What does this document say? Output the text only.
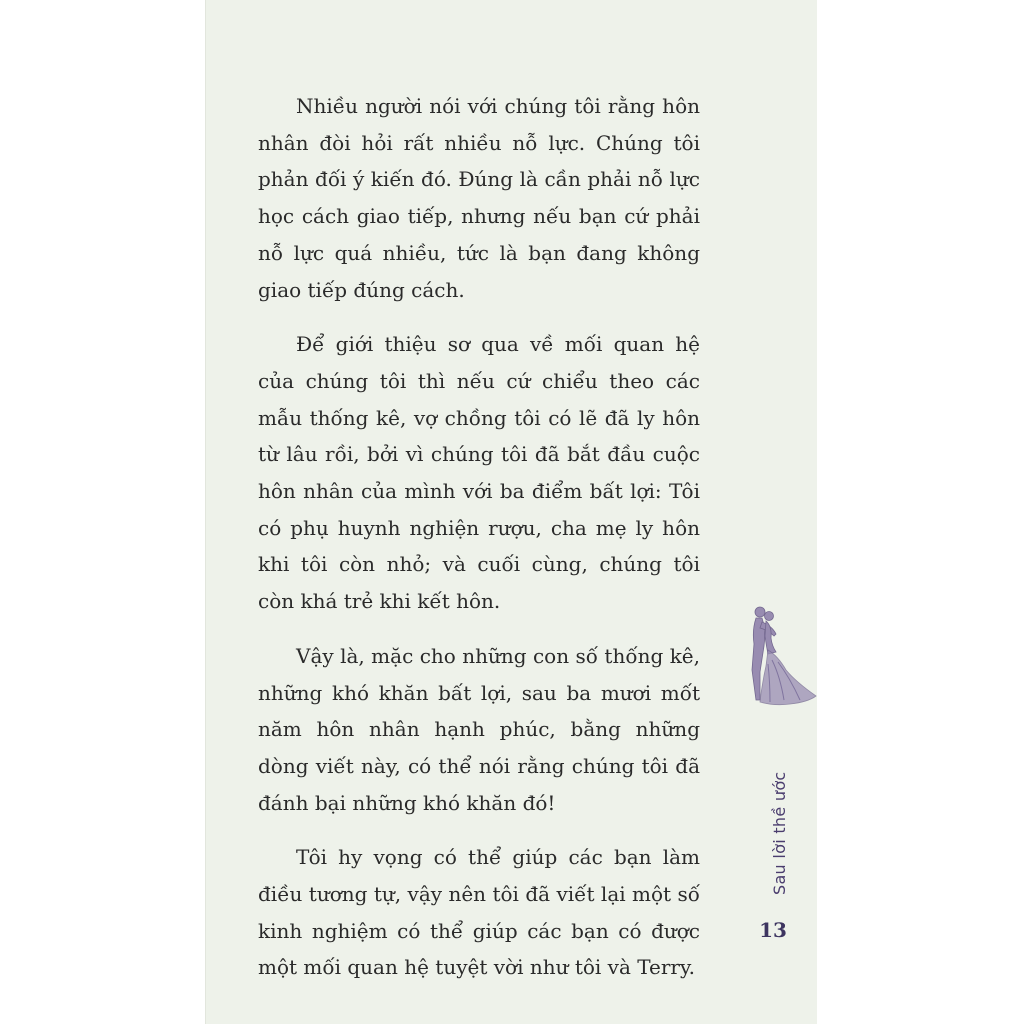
Nhiều người nói với chúng tôi rằng hôn nhân đòi hỏi rất nhiều nỗ lực. Chúng tôi phản đối ý kiến đó. Đúng là cần phải nỗ lực học cách giao tiếp, nhưng nếu bạn cứ phải nỗ lực quá nhiều, tức là bạn đang không giao tiếp đúng cách.

Để giới thiệu sơ qua về mối quan hệ của chúng tôi thì nếu cứ chiểu theo các mẫu thống kê, vợ chồng tôi có lẽ đã ly hôn từ lâu rồi, bởi vì chúng tôi đã bắt đầu cuộc hôn nhân của mình với ba điểm bất lợi: Tôi có phụ huynh nghiện rượu, cha mẹ ly hôn khi tôi còn nhỏ; và cuối cùng, chúng tôi còn khá trẻ khi kết hôn.

Vậy là, mặc cho những con số thống kê, những khó khăn bất lợi, sau ba mươi mốt năm hôn nhân hạnh phúc, bằng những dòng viết này, có thể nói rằng chúng tôi đã đánh bại những khó khăn đó!

Tôi hy vọng có thể giúp các bạn làm điều tương tự, vậy nên tôi đã viết lại một số kinh nghiệm có thể giúp các bạn có được một mối quan hệ tuyệt vời như tôi và Terry.

Sau lời thề ước
13
